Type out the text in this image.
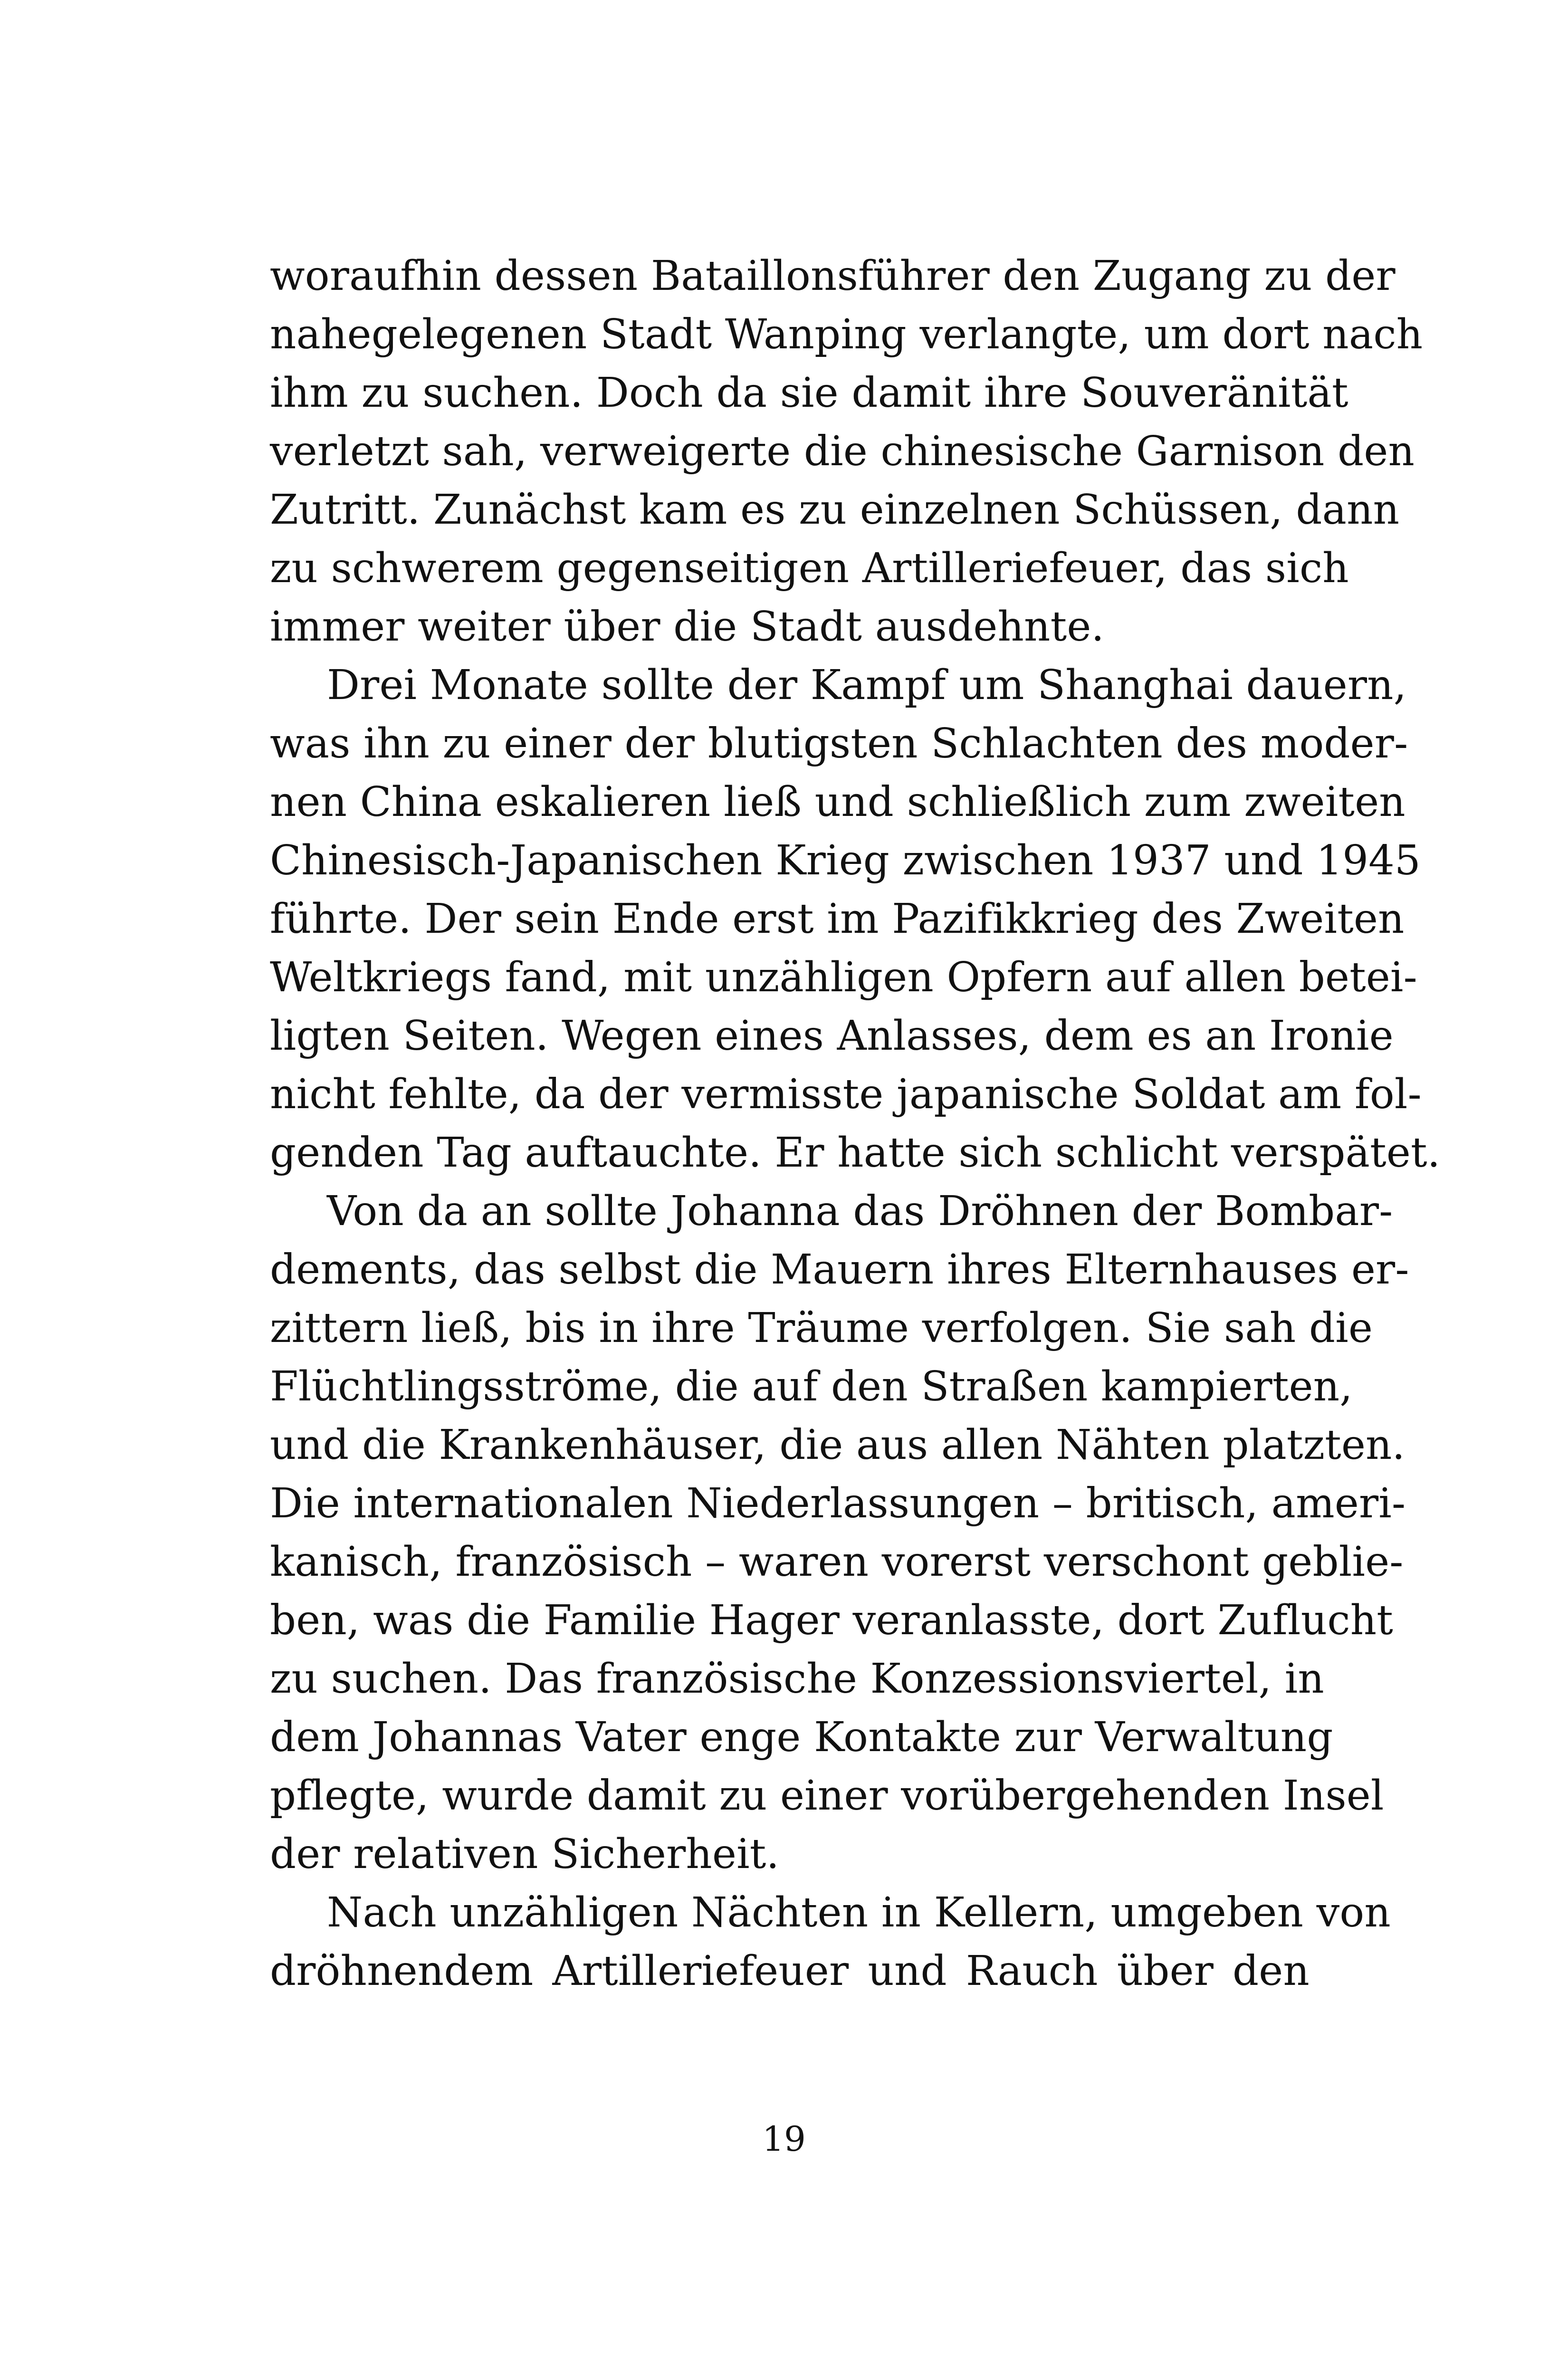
woraufhin dessen Bataillonsführer den Zugang zu der
nahegelegenen Stadt Wanping verlangte, um dort nach
ihm zu suchen. Doch da sie damit ihre Souveränität
verletzt sah, verweigerte die chinesische Garnison den
Zutritt. Zunächst kam es zu einzelnen Schüssen, dann
zu schwerem gegenseitigen Artilleriefeuer, das sich
immer weiter über die Stadt ausdehnte.
Drei Monate sollte der Kampf um Shanghai dauern,
was ihn zu einer der blutigsten Schlachten des moder-
nen China eskalieren ließ und schließlich zum zweiten
Chinesisch-Japanischen Krieg zwischen 1937 und 1945
führte. Der sein Ende erst im Pazifikkrieg des Zweiten
Weltkriegs fand, mit unzähligen Opfern auf allen betei-
ligten Seiten. Wegen eines Anlasses, dem es an Ironie
nicht fehlte, da der vermisste japanische Soldat am fol-
genden Tag auftauchte. Er hatte sich schlicht verspätet.
Von da an sollte Johanna das Dröhnen der Bombar-
dements, das selbst die Mauern ihres Elternhauses er-
zittern ließ, bis in ihre Träume verfolgen. Sie sah die
Flüchtlingsströme, die auf den Straßen kampierten,
und die Krankenhäuser, die aus allen Nähten platzten.
Die internationalen Niederlassungen – britisch, ameri-
kanisch, französisch – waren vorerst verschont geblie-
ben, was die Familie Hager veranlasste, dort Zuflucht
zu suchen. Das französische Konzessionsviertel, in
dem Johannas Vater enge Kontakte zur Verwaltung
pflegte, wurde damit zu einer vorübergehenden Insel
der relativen Sicherheit.
Nach unzähligen Nächten in Kellern, umgeben von
dröhnendem Artilleriefeuer und Rauch über den
19
